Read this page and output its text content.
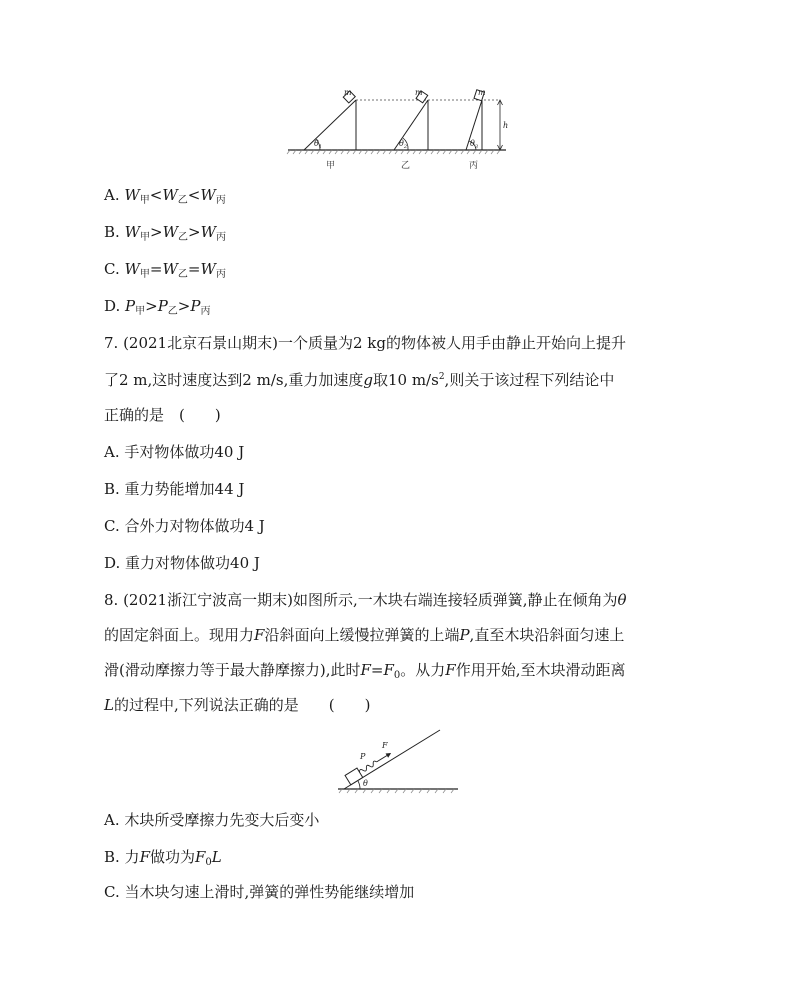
m	m	m
$\theta_1$	$\theta_2$	$\theta_3$
h
甲	乙	丙
A. $W_甲<W_乙<W_丙$
B. $W_甲>W_乙>W_丙$
C. $W_甲=W_乙=W_丙$
D. $P_甲>P_乙>P_丙$
7. (2021北京石景山期末)一个质量为2 kg的物体被人用手由静止开始向上提升
了2 m,这时速度达到2 m/s,重力加速度g取10 $m/s^2$,则关于该过程下列结论中
正确的是　(　　)
A. 手对物体做功40 J
B. 重力势能增加44 J
C. 合外力对物体做功4 J
D. 重力对物体做功40 J
8. (2021浙江宁波高一期末)如图所示,一木块右端连接轻质弹簧,静止在倾角为θ
的固定斜面上。现用力F沿斜面向上缓慢拉弹簧的上端P,直至木块沿斜面匀速上
滑(滑动摩擦力等于最大静摩擦力),此时$F=F_0$。从力F作用开始,至木块滑动距离
L的过程中,下列说法正确的是　　(　　)
θ
P
F
A. 木块所受摩擦力先变大后变小
B. 力F做功为$F_0L$
C. 当木块匀速上滑时,弹簧的弹性势能继续增加
